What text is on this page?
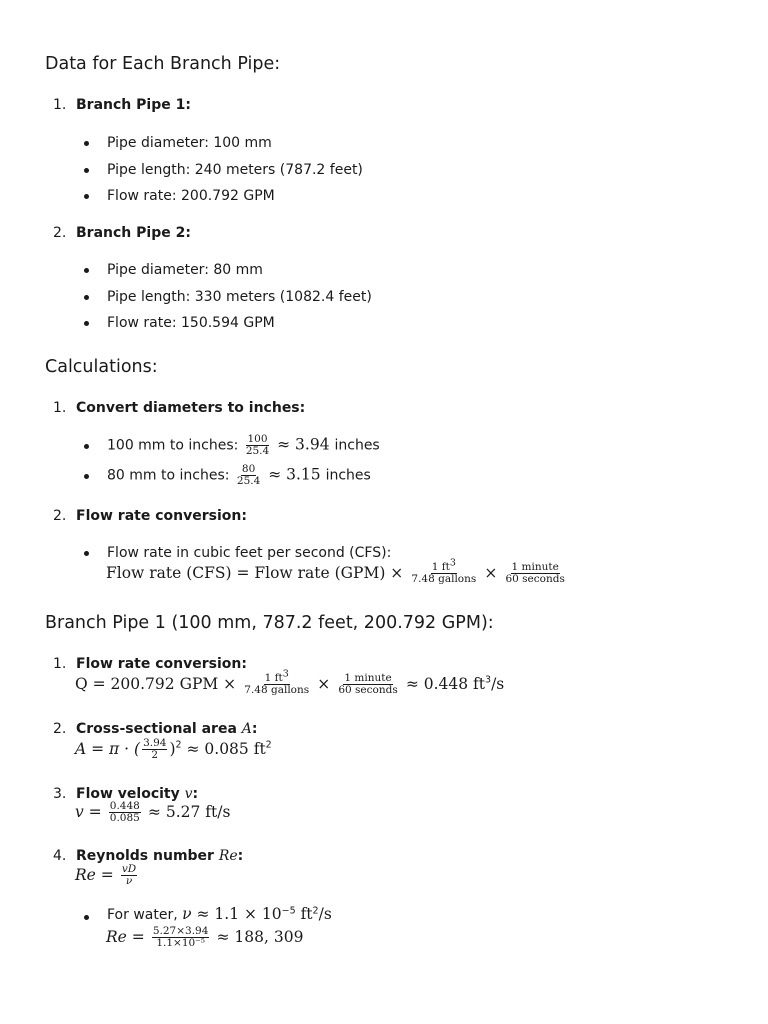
Data for Each Branch Pipe:
1. Branch Pipe 1:
Pipe diameter: 100 mm
Pipe length: 240 meters (787.2 feet)
Flow rate: 200.792 GPM
2. Branch Pipe 2:
Pipe diameter: 80 mm
Pipe length: 330 meters (1082.4 feet)
Flow rate: 150.594 GPM
Calculations:
1. Convert diameters to inches:
100 mm to inches: $\frac{100}{25.4} \approx 3.94$ inches
80 mm to inches: $\frac{80}{25.4} \approx 3.15$ inches
2. Flow rate conversion:
Flow rate in cubic feet per second (CFS):
Flow rate (CFS) = Flow rate $(GPM) \times \frac{1 ft^3}{\text{7.48 gallons}} \times \frac{\text{1 minute}}{\text{60 seconds}}$
Branch Pipe 1 (100 mm, 787.2 feet, 200.792 GPM):
1. Flow rate conversion:
Q = 200.792 GPM × $\frac{1 ft^3}{\text{7.48 gallons}} \times \frac{\text{1 minute}}{\text{60 seconds}} \approx 0.448$ $ft^3/s$
2. Cross-sectional area A:
A = π · ( $\frac{3.94}{2} )^2 \approx 0.085$ $ft^2$
3. Flow velocity v:
$v = \frac{0.448}{0.085} \approx 5.27$ ft/s
4. Reynolds number Re:
$Re = \frac{vD}{\nu}$
For water, $\nu \approx 1.1 \times 10^{-5}$ $ft^2/s$
$Re = \frac{5.27\times 3.94}{\text{1.1×10⁻⁵}} \approx 188$, 309
